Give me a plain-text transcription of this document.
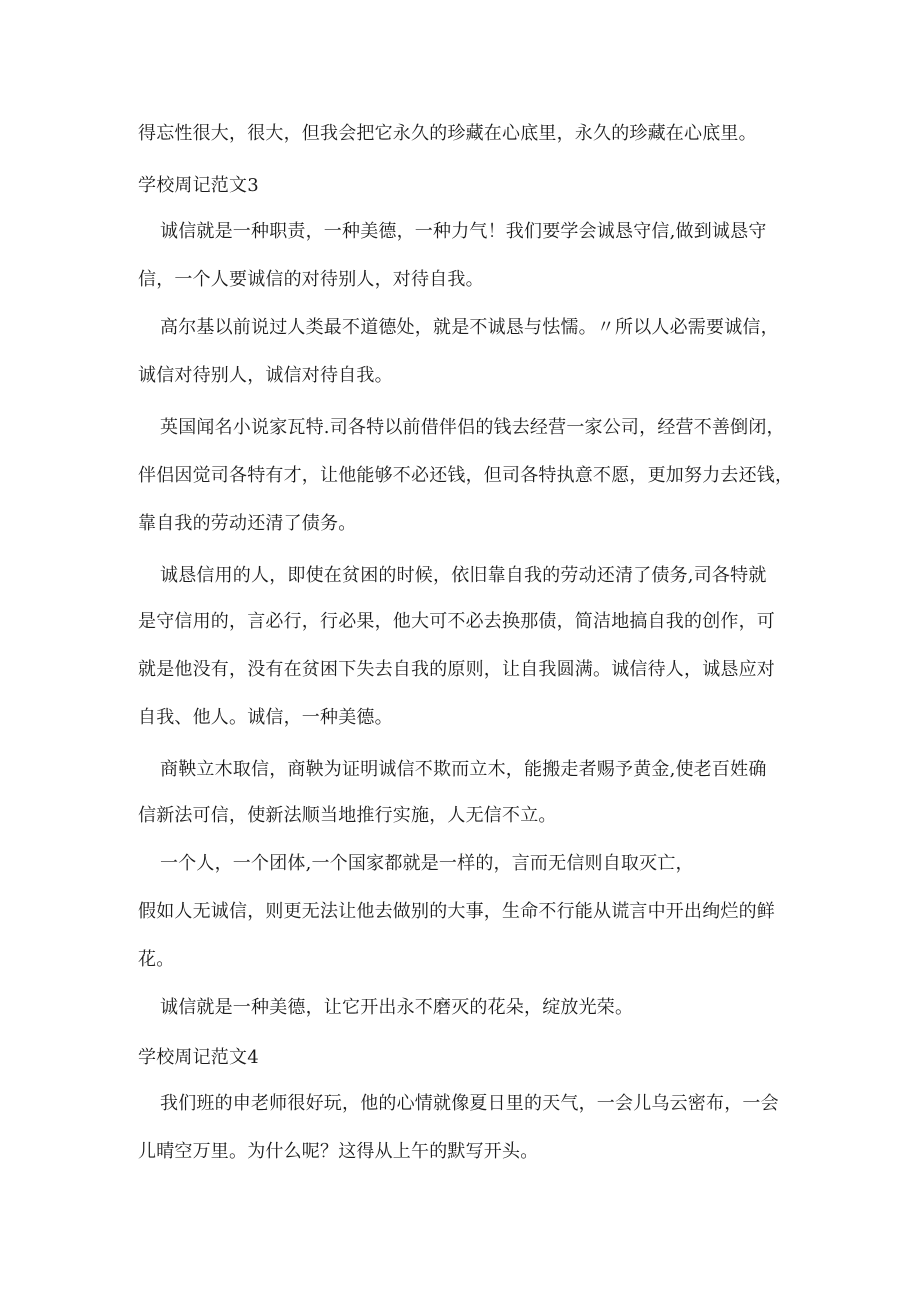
得忘性很大，很大，但我会把它永久的珍藏在心底里，永久的珍藏在心底里。
学校周记范文3
诚信就是一种职责，一种美德，一种力气！我们要学会诚恳守信,做到诚恳守
信，一个人要诚信的对待别人，对待自我。
高尔基以前说过人类最不道德处，就是不诚恳与怯懦。〃所以人必需要诚信，
诚信对待别人，诚信对待自我。
英国闻名小说家瓦特.司各特以前借伴侣的钱去经营一家公司，经营不善倒闭，
伴侣因觉司各特有才，让他能够不必还钱，但司各特执意不愿，更加努力去还钱，
靠自我的劳动还清了债务。
诚恳信用的人，即使在贫困的时候，依旧靠自我的劳动还清了债务,司各特就
是守信用的，言必行，行必果，他大可不必去换那债，简洁地搞自我的创作，可
就是他没有，没有在贫困下失去自我的原则，让自我圆满。诚信待人，诚恳应对
自我、他人。诚信，一种美德。
商鞅立木取信，商鞅为证明诚信不欺而立木，能搬走者赐予黄金,使老百姓确
信新法可信，使新法顺当地推行实施，人无信不立。
一个人，一个团体,一个国家都就是一样的，言而无信则自取灭亡，
假如人无诚信，则更无法让他去做别的大事，生命不行能从谎言中开出绚烂的鲜
花。
诚信就是一种美德，让它开出永不磨灭的花朵，绽放光荣。
学校周记范文4
我们班的申老师很好玩，他的心情就像夏日里的天气，一会儿乌云密布，一会
儿晴空万里。为什么呢？这得从上午的默写开头。
